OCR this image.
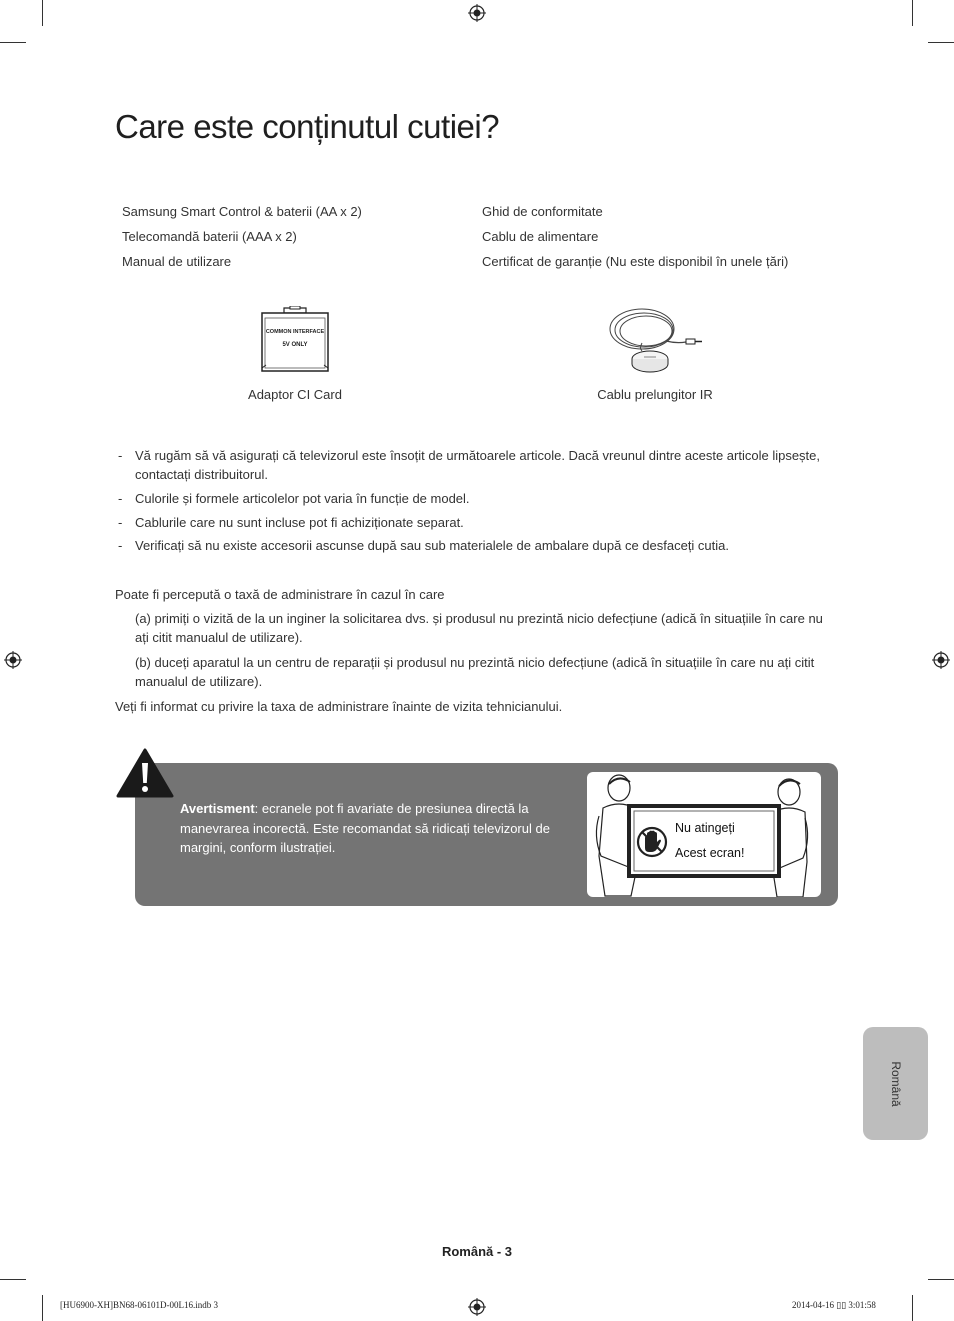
Care este conținutul cutiei?
Samsung Smart Control & baterii (AA x 2)
Telecomandă baterii (AAA x 2)
Manual de utilizare
Ghid de conformitate
Cablu de alimentare
Certificat de garanție (Nu este disponibil în unele țări)
COMMON INTERFACE
5V ONLY
Adaptor CI Card	Cablu prelungitor IR
- Vă rugăm să vă asigurați că televizorul este însoțit de următoarele articole. Dacă vreunul dintre aceste articole lipsește, contactați distribuitorul.
- Culorile și formele articolelor pot varia în funcție de model.
- Cablurile care nu sunt incluse pot fi achiziționate separat.
- Verificați să nu existe accesorii ascunse după sau sub materialele de ambalare după ce desfaceți cutia.
Poate fi percepută o taxă de administrare în cazul în care
(a) primiți o vizită de la un inginer la solicitarea dvs. și produsul nu prezintă nicio defecțiune (adică în situațiile în care nu ați citit manualul de utilizare).
(b) duceți aparatul la un centru de reparații și produsul nu prezintă nicio defecțiune (adică în situațiile în care nu ați citit manualul de utilizare).
Veți fi informat cu privire la taxa de administrare înainte de vizita tehnicianului.
Avertisment: ecranele pot fi avariate de presiunea directă la manevrarea incorectă. Este recomandat să ridicați televizorul de margini, conform ilustrației.
Nu atingeți
Acest ecran!
Română
Română - 3
[HU6900-XH]BN68-06101D-00L16.indb 3	2014-04-16 ▯▯ 3:01:58
